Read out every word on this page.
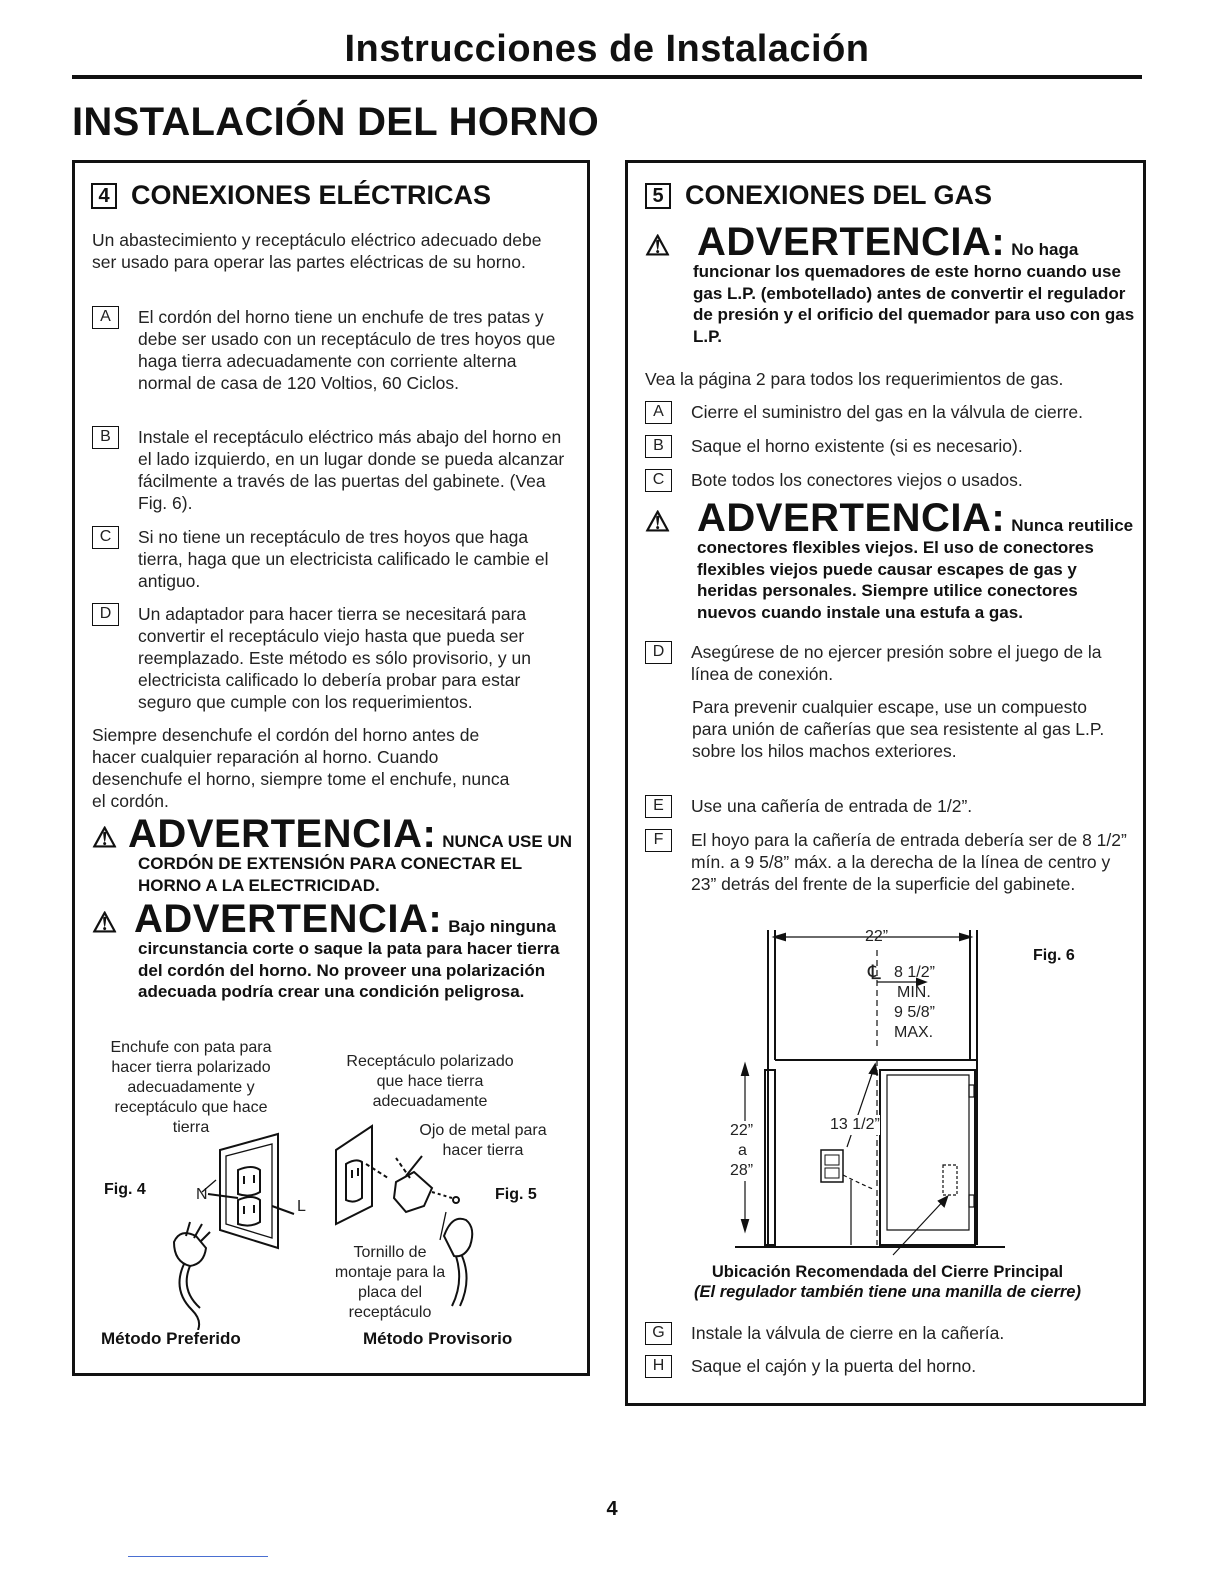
Instrucciones de Instalación
INSTALACIÓN DEL HORNO
4 CONEXIONES ELÉCTRICAS
Un abastecimiento y receptáculo eléctrico adecuado debe ser usado para operar las partes eléctricas de su horno.
A	El cordón del horno tiene un enchufe de tres patas y debe ser usado con un receptáculo de tres hoyos que haga tierra adecuadamente con corriente alterna normal de casa de 120 Voltios, 60 Ciclos.
B	Instale el receptáculo eléctrico más abajo del horno en el lado izquierdo, en un lugar donde se pueda alcanzar fácilmente a través de las puertas del gabinete. (Vea Fig. 6).
C	Si no tiene un receptáculo de tres hoyos que haga tierra, haga que un electricista calificado le cambie el antiguo.
D	Un adaptador para hacer tierra se necesitará para convertir el receptáculo viejo hasta que pueda ser reemplazado. Este método es sólo provisorio, y un electricista calificado lo debería probar para estar seguro que cumple con los requerimientos.
Siempre desenchufe el cordón del horno antes de hacer cualquier reparación al horno. Cuando desenchufe el horno, siempre tome el enchufe, nunca el cordón.
⚠ ADVERTENCIA: NUNCA USE UN
CORDÓN DE EXTENSIÓN PARA CONECTAR EL HORNO A LA ELECTRICIDAD.
⚠ ADVERTENCIA: Bajo ninguna
circunstancia corte o saque la pata para hacer tierra del cordón del horno. No proveer una polarización adecuada podría crear una condición peligrosa.
Enchufe con pata para
hacer tierra polarizado
adecuadamente y
receptáculo que hace
tierra
Receptáculo polarizado
que hace tierra
adecuadamente
Ojo de metal para
hacer tierra
Tornillo de
montaje para la
placa del
receptáculo
Fig. 4	Fig. 5
N
L
Método Preferido	Método Provisorio
5 CONEXIONES DEL GAS
⚠ ADVERTENCIA: No haga
funcionar los quemadores de este horno cuando use gas L.P. (embotellado) antes de convertir el regulador de presión y el orificio del quemador para uso con gas L.P.
Vea la página 2 para todos los requerimientos de gas.
A	Cierre el suministro del gas en la válvula de cierre.
B	Saque el horno existente (si es necesario).
C	Bote todos los conectores viejos o usados.
⚠ ADVERTENCIA: Nunca reutilice
conectores flexibles viejos. El uso de conectores flexibles viejos puede causar escapes de gas y heridas personales. Siempre utilice conectores nuevos cuando instale una estufa a gas.
D	Asegúrese de no ejercer presión sobre el juego de la línea de conexión.
Para prevenir cualquier escape, use un compuesto para unión de cañerías que sea resistente al gas L.P. sobre los hilos machos exteriores.
E	Use una cañería de entrada de 1/2”.
F	El hoyo para la cañería de entrada debería ser de 8 1/2” mín. a 9 5/8” máx. a la derecha de la línea de centro y 23” detrás del frente de la superficie del gabinete.
Fig. 6
22”
℄ 8 1/2”
MIN.
9 5/8”
MAX.
22”
a
28”
13 1/2”
Ubicación Recomendada del Cierre Principal
(El regulador también tiene una manilla de cierre)
G	Instale la válvula de cierre en la cañería.
H	Saque el cajón y la puerta del horno.
4
